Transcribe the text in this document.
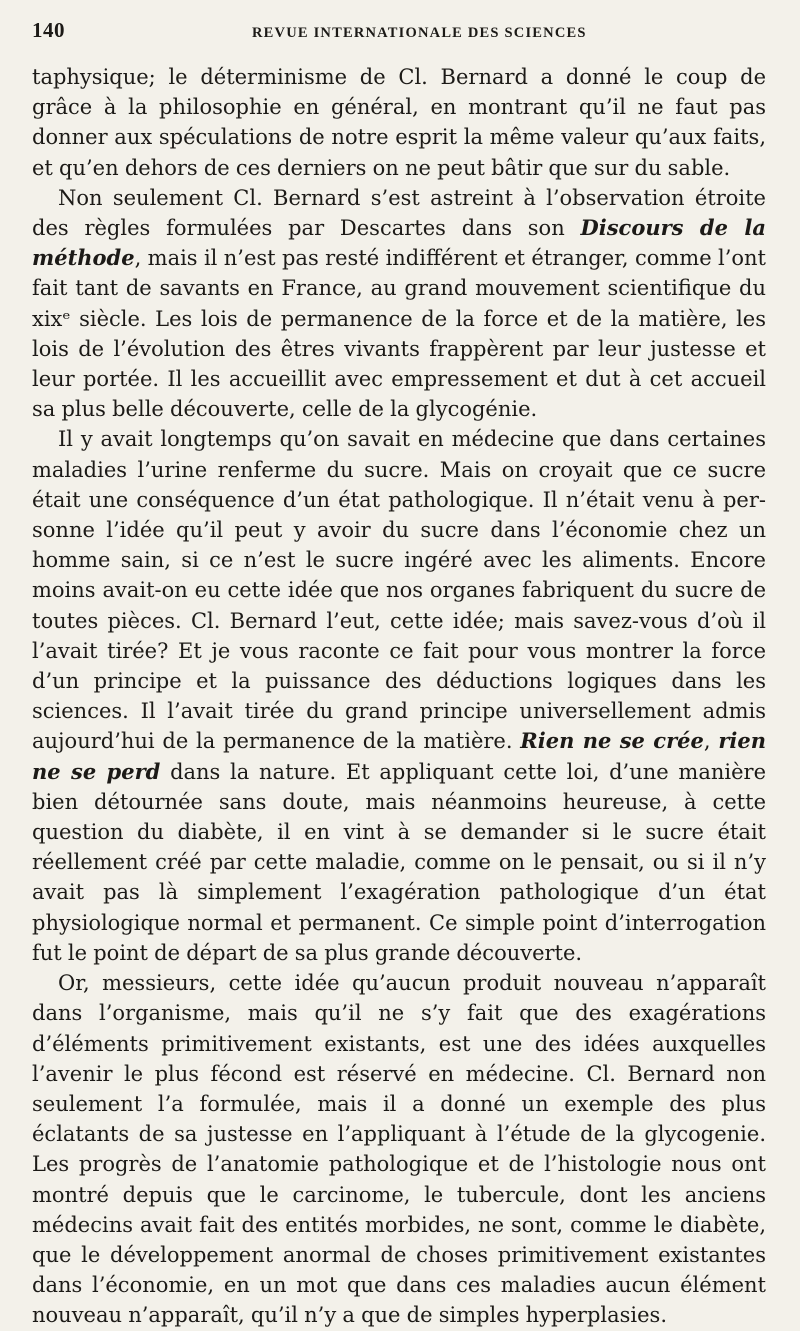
140	REVUE INTERNATIONALE DES SCIENCES

taphysique; le déterminisme de Cl. Bernard a donné le coup de grâce à la philosophie en général, en montrant qu’il ne faut pas donner aux spéculations de notre esprit la même valeur qu’aux faits, et qu’en dehors de ces derniers on ne peut bâtir que sur du sable.

Non seulement Cl. Bernard s’est astreint à l’observation étroite des règles formulées par Descartes dans son Discours de la méthode, mais il n’est pas resté indifférent et étranger, comme l’ont fait tant de savants en France, au grand mouvement scientifique du xixᵉ siècle. Les lois de permanence de la force et de la matière, les lois de l’évolution des êtres vivants frappèrent par leur justesse et leur portée. Il les accueillit avec empressement et dut à cet accueil sa plus belle découverte, celle de la glycogénie.

Il y avait longtemps qu’on savait en médecine que dans certaines maladies l’urine renferme du sucre. Mais on croyait que ce sucre était une conséquence d’un état pathologique. Il n’était venu à personne l’idée qu’il peut y avoir du sucre dans l’économie chez un homme sain, si ce n’est le sucre ingéré avec les aliments. Encore moins avait-on eu cette idée que nos organes fabriquent du sucre de toutes pièces. Cl. Bernard l’eut, cette idée; mais savez-vous d’où il l’avait tirée? Et je vous raconte ce fait pour vous montrer la force d’un principe et la puissance des déductions logiques dans les sciences. Il l’avait tirée du grand principe universellement admis aujourd’hui de la permanence de la matière. Rien ne se crée, rien ne se perd dans la nature. Et appliquant cette loi, d’une manière bien détournée sans doute, mais néanmoins heureuse, à cette question du diabète, il en vint à se demander si le sucre était réellement créé par cette maladie, comme on le pensait, ou si il n’y avait pas là simplement l’exagération pathologique d’un état physiologique normal et permanent. Ce simple point d’interrogation fut le point de départ de sa plus grande découverte.

Or, messieurs, cette idée qu’aucun produit nouveau n’apparaît dans l’organisme, mais qu’il ne s’y fait que des exagérations d’éléments primitivement existants, est une des idées auxquelles l’avenir le plus fécond est réservé en médecine. Cl. Bernard non seulement l’a formulée, mais il a donné un exemple des plus éclatants de sa justesse en l’appliquant à l’étude de la glycogenie. Les progrès de l’anatomie pathologique et de l’histologie nous ont montré depuis que le carcinome, le tubercule, dont les anciens médecins avait fait des entités morbides, ne sont, comme le diabète, que le développement anormal de choses primitivement existantes dans l’économie, en un mot que dans ces maladies aucun élément nouveau n’apparaît, qu’il n’y a que de simples hyperplasies.
